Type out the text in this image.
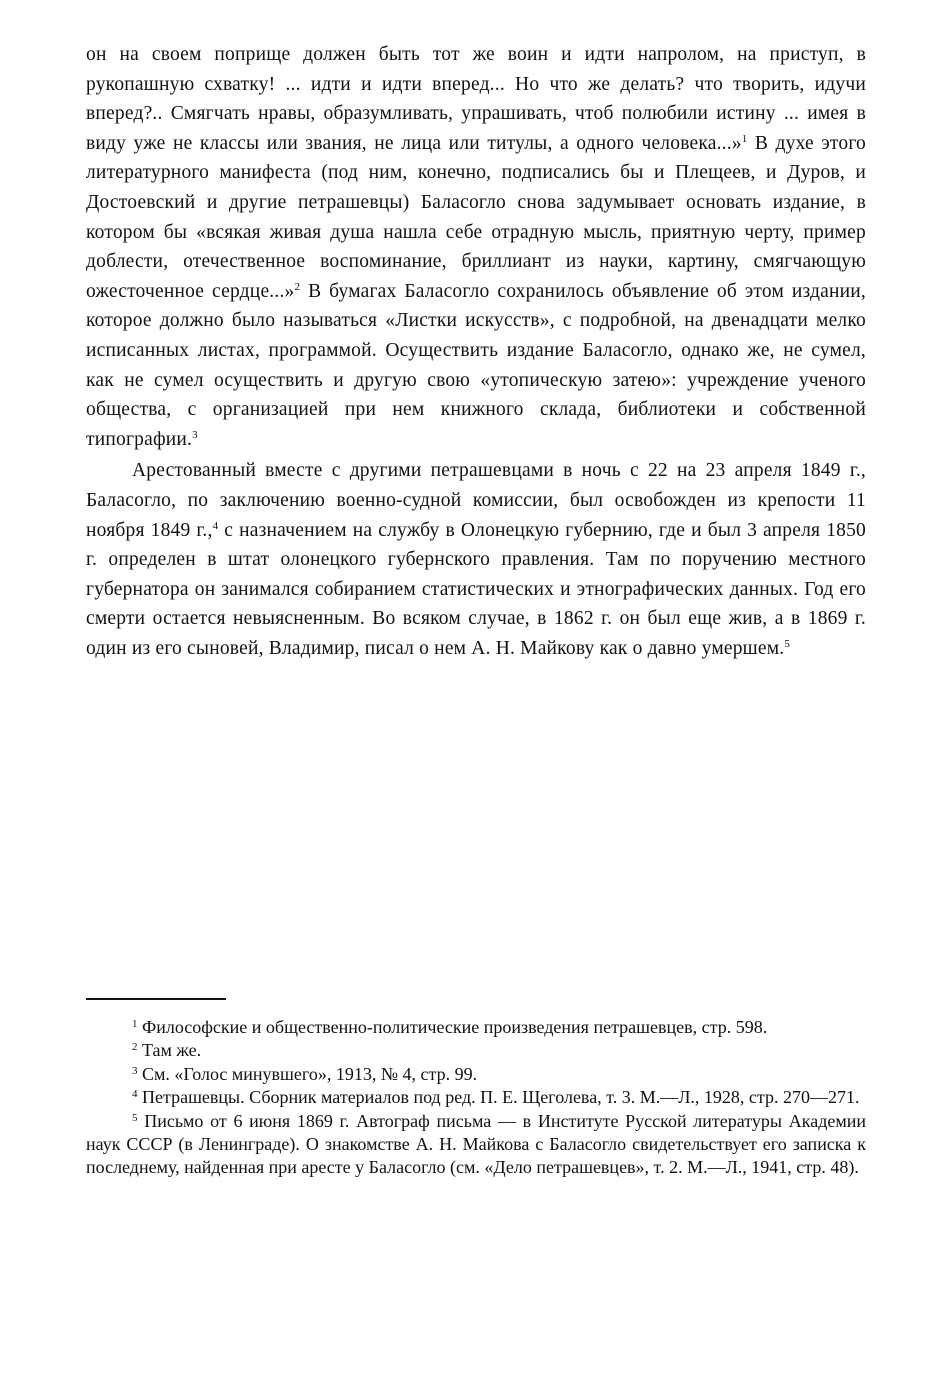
он на своем поприще должен быть тот же воин и идти напролом, на приступ, в рукопашную схватку! ... идти и идти вперед... Но что же делать? что творить, идучи вперед?.. Смягчать нравы, образумливать, упрашивать, чтоб полюбили истину ... имея в виду уже не классы или звания, не лица или титулы, а одного человека...»$^1$ В духе этого литературного манифеста (под ним, конечно, подписались бы и Плещеев, и Дуров, и Достоевский и другие петрашевцы) Баласогло снова задумывает основать издание, в котором бы «всякая живая душа нашла себе отрадную мысль, приятную черту, пример доблести, отечественное воспоминание, бриллиант из науки, картину, смягчающую ожесточенное сердце...»$^2$ В бумагах Баласогло сохранилось объявление об этом издании, которое должно было называться «Листки искусств», с подробной, на двенадцати мелко исписанных листах, программой. Осуществить издание Баласогло, однако же, не сумел, как не сумел осуществить и другую свою «утопическую затею»: учреждение ученого общества, с организацией при нем книжного склада, библиотеки и собственной типографии.$^3$

Арестованный вместе с другими петрашевцами в ночь с 22 на 23 апреля 1849 г., Баласогло, по заключению военно-судной комиссии, был освобожден из крепости 11 ноября 1849 г.,$^4$ с назначением на службу в Олонецкую губернию, где и был 3 апреля 1850 г. определен в штат олонецкого губернского правления. Там по поручению местного губернатора он занимался собиранием статистических и этнографических данных. Год его смерти остается невыясненным. Во всяком случае, в 1862 г. он был еще жив, а в 1869 г. один из его сыновей, Владимир, писал о нем А. Н. Майкову как о давно умершем.$^5$

$^1$ Философские и общественно-политические произведения петрашевцев, стр. 598.

$^2$ Там же.

$^3$ См. «Голос минувшего», 1913, № 4, стр. 99.

$^4$ Петрашевцы. Сборник материалов под ред. П. Е. Щеголева, т. 3. М.—Л., 1928, стр. 270—271.

$^5$ Письмо от 6 июня 1869 г. Автограф письма — в Институте Русской литературы Академии наук СССР (в Ленинграде). О знакомстве А. Н. Майкова с Баласогло свидетельствует его записка к последнему, найденная при аресте у Баласогло (см. «Дело петрашевцев», т. 2. М.—Л., 1941, стр. 48).
